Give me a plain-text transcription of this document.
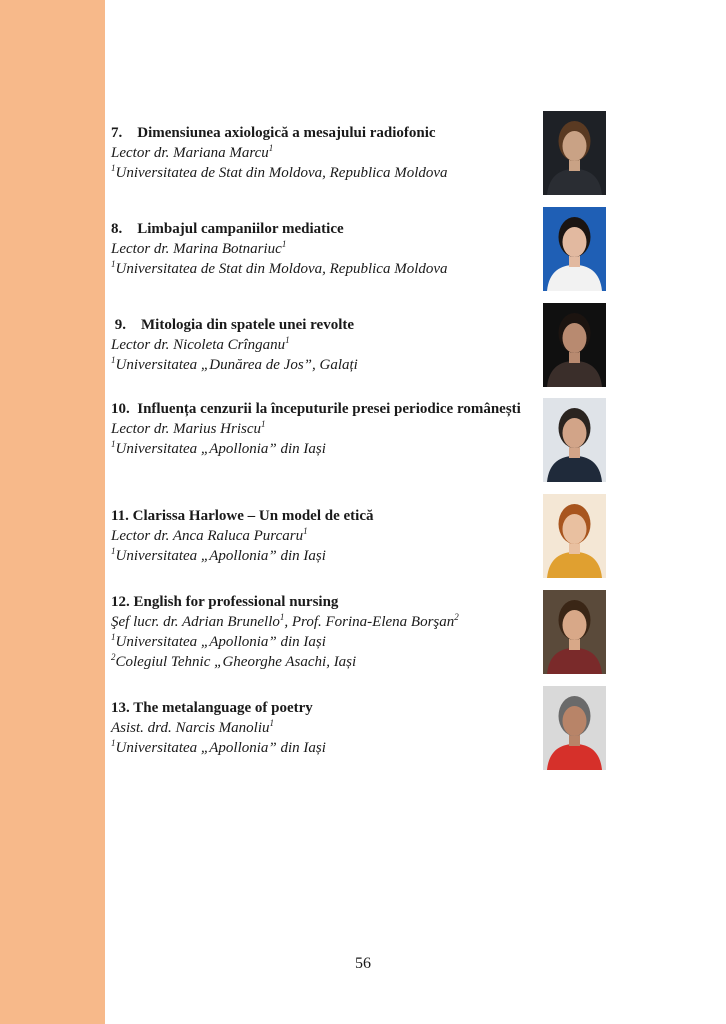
7. Dimensiunea axiologică a mesajului radiofonic
Lector dr. Mariana Marcu$^1$
$^1$Universitatea de Stat din Moldova, Republica Moldova
8. Limbajul campaniilor mediatice
Lector dr. Marina Botnariuc$^1$
$^1$Universitatea de Stat din Moldova, Republica Moldova
9. Mitologia din spatele unei revolte
Lector dr. Nicoleta Crînganu$^1$
$^1$Universitatea „Dunărea de Jos”, Galați
10. Influența cenzurii la începuturile presei periodice românești
Lector dr. Marius Hriscu$^1$
$^1$Universitatea „Apollonia” din Iași
11. Clarissa Harlowe – Un model de etică
Lector dr. Anca Raluca Purcaru$^1$
$^1$Universitatea „Apollonia” din Iași
12. English for professional nursing
Şef lucr. dr. Adrian Brunello$^1$, Prof. Forina-Elena Borşan$^2$
$^1$Universitatea „Apollonia” din Iași
$^2$Colegiul Tehnic „Gheorghe Asachi, Iași
13. The metalanguage of poetry
Asist. drd. Narcis Manoliu$^1$
$^1$Universitatea „Apollonia” din Iași
56
